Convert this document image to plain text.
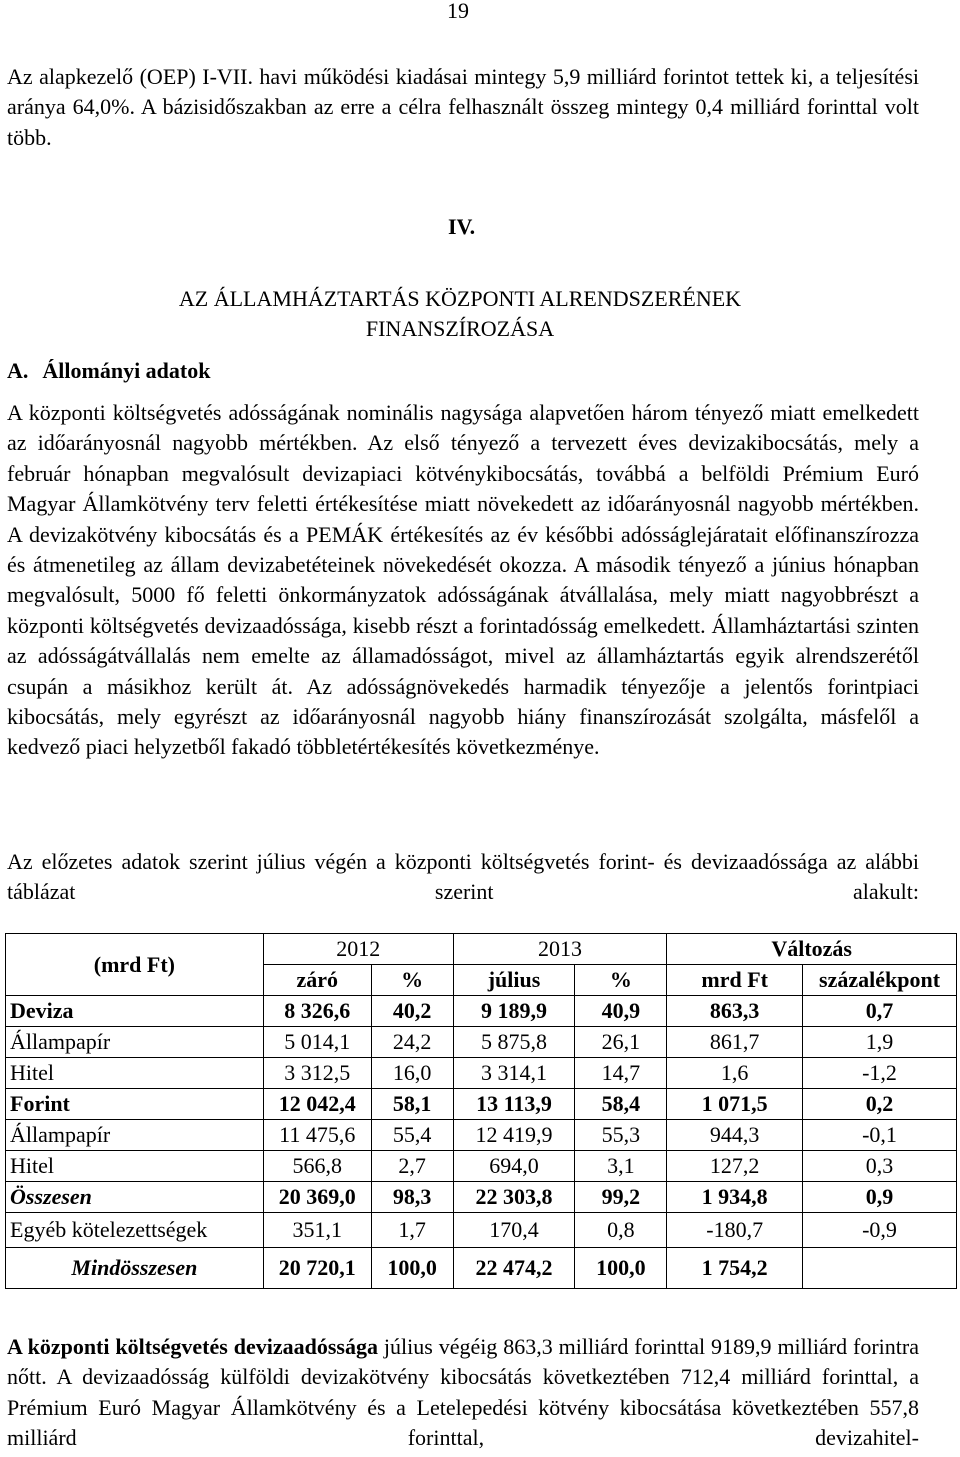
19

Az alapkezelő (OEP) I-VII. havi működési kiadásai mintegy 5,9 milliárd forintot tettek ki, a teljesítési aránya 64,0%. A bázisidőszakban az erre a célra felhasznált összeg mintegy 0,4 milliárd forinttal volt több.

IV.
AZ ÁLLAMHÁZTARTÁS KÖZPONTI ALRENDSZERÉNEK
FINANSZÍROZÁSA
A. Állományi adatok

A központi költségvetés adósságának nominális nagysága alapvetően három tényező miatt emelkedett az időarányosnál nagyobb mértékben. Az első tényező a tervezett éves devizakibocsátás, mely a február hónapban megvalósult devizapiaci kötvénykibocsátás, továbbá a belföldi Prémium Euró Magyar Államkötvény terv feletti értékesítése miatt növekedett az időarányosnál nagyobb mértékben. A devizakötvény kibocsátás és a PEMÁK értékesítés az év későbbi adósságlejáratait előfinanszírozza és átmenetileg az állam devizabetéteinek növekedését okozza. A második tényező a június hónapban megvalósult, 5000 fő feletti önkormányzatok adósságának átvállalása, mely miatt nagyobbrészt a központi költségvetés devizaadóssága, kisebb részt a forintadósság emelkedett. Államháztartási szinten az adósságátvállalás nem emelte az államadósságot, mivel az államháztartás egyik alrendszerétől csupán a másikhoz került át. Az adósságnövekedés harmadik tényezője a jelentős forintpiaci kibocsátás, mely egyrészt az időarányosnál nagyobb hiány finanszírozását szolgálta, másfelől a kedvező piaci helyzetből fakadó többletértékesítés következménye.

Az előzetes adatok szerint július végén a központi költségvetés forint- és devizaadóssága az alábbi táblázat szerint alakult:

(mrd Ft)	2012		2013		Változás	
	záró	%	július	%	mrd Ft	százalékpont
Deviza	8 326,6	40,2	9 189,9	40,9	863,3	0,7
Állampapír	5 014,1	24,2	5 875,8	26,1	861,7	1,9
Hitel	3 312,5	16,0	3 314,1	14,7	1,6	-1,2
Forint	12 042,4	58,1	13 113,9	58,4	1 071,5	0,2
Állampapír	11 475,6	55,4	12 419,9	55,3	944,3	-0,1
Hitel	566,8	2,7	694,0	3,1	127,2	0,3
Összesen	20 369,0	98,3	22 303,8	99,2	1 934,8	0,9
Egyéb kötelezettségek	351,1	1,7	170,4	0,8	-180,7	-0,9
Mindösszesen	20 720,1	100,0	22 474,2	100,0	1 754,2	

A központi költségvetés devizaadóssága július végéig 863,3 milliárd forinttal 9189,9 milliárd forintra nőtt. A devizaadósság külföldi devizakötvény kibocsátás következtében 712,4 milliárd forinttal, a Prémium Euró Magyar Államkötvény és a Letelepedési kötvény kibocsátása következtében 557,8 milliárd forinttal, devizahitel-
